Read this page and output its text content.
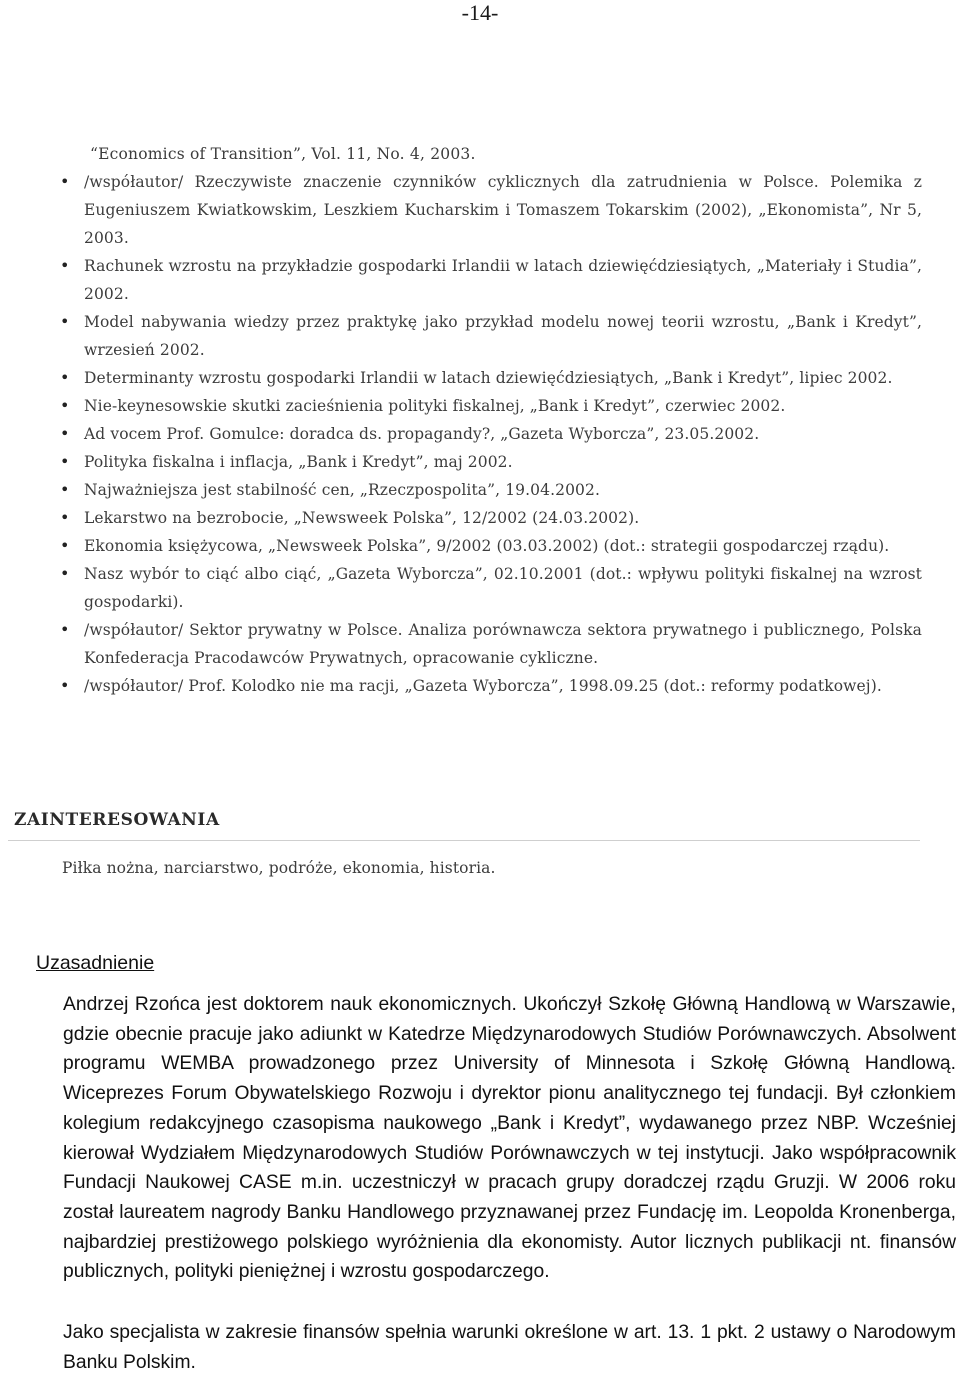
-14-

“Economics of Transition”, Vol. 11, No. 4, 2003.

• /współautor/ Rzeczywiste znaczenie czynników cyklicznych dla zatrudnienia w Polsce. Polemika z Eugeniuszem Kwiatkowskim, Leszkiem Kucharskim i Tomaszem Tokarskim (2002), „Ekonomista”, Nr 5, 2003.
• Rachunek wzrostu na przykładzie gospodarki Irlandii w latach dziewięćdziesiątych, „Materiały i Studia”, 2002.
• Model nabywania wiedzy przez praktykę jako przykład modelu nowej teorii wzrostu, „Bank i Kredyt”, wrzesień 2002.
• Determinanty wzrostu gospodarki Irlandii w latach dziewięćdziesiątych, „Bank i Kredyt”, lipiec 2002.
• Nie-keynesowskie skutki zacieśnienia polityki fiskalnej, „Bank i Kredyt”, czerwiec 2002.
• Ad vocem Prof. Gomulce: doradca ds. propagandy?, „Gazeta Wyborcza”, 23.05.2002.
• Polityka fiskalna i inflacja, „Bank i Kredyt”, maj 2002.
• Najważniejsza jest stabilność cen, „Rzeczpospolita”, 19.04.2002.
• Lekarstwo na bezrobocie, „Newsweek Polska”, 12/2002 (24.03.2002).
• Ekonomia księżycowa, „Newsweek Polska”, 9/2002 (03.03.2002) (dot.: strategii gospodarczej rządu).
• Nasz wybór to ciąć albo ciąć, „Gazeta Wyborcza”, 02.10.2001 (dot.: wpływu polityki fiskalnej na wzrost gospodarki).
• /współautor/ Sektor prywatny w Polsce. Analiza porównawcza sektora prywatnego i publicznego, Polska Konfederacja Pracodawców Prywatnych, opracowanie cykliczne.
• /współautor/ Prof. Kolodko nie ma racji, „Gazeta Wyborcza”, 1998.09.25 (dot.: reformy podatkowej).
ZAINTERESOWANIA
Piłka nożna, narciarstwo, podróże, ekonomia, historia.
Uzasadnienie

Andrzej Rzońca jest doktorem nauk ekonomicznych. Ukończył Szkołę Główną Handlową w Warszawie, gdzie obecnie pracuje jako adiunkt w Katedrze Międzynarodowych Studiów Porównawczych. Absolwent programu WEMBA prowadzonego przez University of Minnesota i Szkołę Główną Handlową. Wiceprezes Forum Obywatelskiego Rozwoju i dyrektor pionu analitycznego tej fundacji. Był członkiem kolegium redakcyjnego czasopisma naukowego „Bank i Kredyt”, wydawanego przez NBP. Wcześniej kierował Wydziałem Międzynarodowych Studiów Porównawczych w tej instytucji. Jako współpracownik Fundacji Naukowej CASE m.in. uczestniczył w pracach grupy doradczej rządu Gruzji. W 2006 roku został laureatem nagrody Banku Handlowego przyznawanej przez Fundację im. Leopolda Kronenberga, najbardziej prestiżowego polskiego wyróżnienia dla ekonomisty. Autor licznych publikacji nt. finansów publicznych, polityki pieniężnej i wzrostu gospodarczego.

Jako specjalista w zakresie finansów spełnia warunki określone w art. 13. 1 pkt. 2 ustawy o Narodowym Banku Polskim.
